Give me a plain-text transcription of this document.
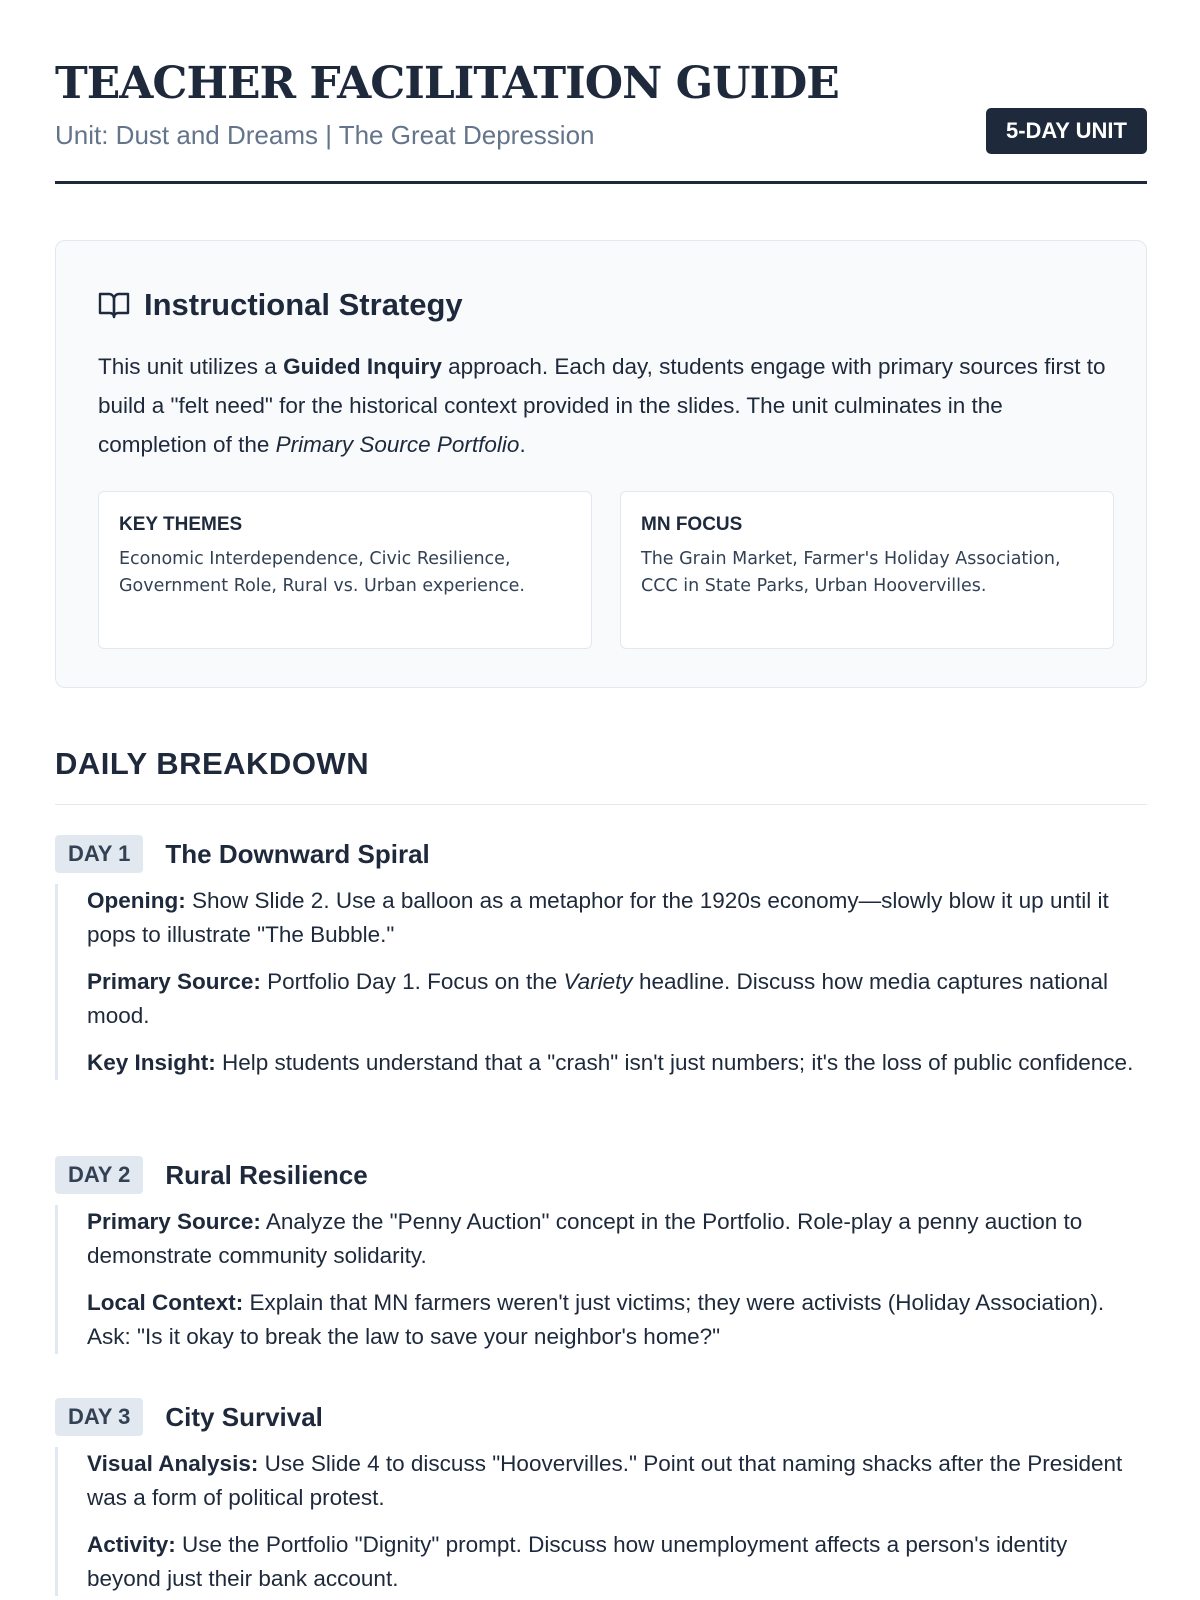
TEACHER FACILITATION GUIDE
Unit: Dust and Dreams | The Great Depression	5-DAY UNIT
Instructional Strategy

This unit utilizes a Guided Inquiry approach. Each day, students engage with primary sources first to build a "felt need" for the historical context provided in the slides. The unit culminates in the completion of the Primary Source Portfolio.

KEY THEMES
Economic Interdependence, Civic Resilience, Government Role, Rural vs. Urban experience.
MN FOCUS
The Grain Market, Farmer's Holiday Association, CCC in State Parks, Urban Hoovervilles.
DAILY BREAKDOWN
DAY 1	The Downward Spiral

Opening: Show Slide 2. Use a balloon as a metaphor for the 1920s economy—slowly blow it up until it pops to illustrate "The Bubble."

Primary Source: Portfolio Day 1. Focus on the Variety headline. Discuss how media captures national mood.

Key Insight: Help students understand that a "crash" isn't just numbers; it's the loss of public confidence.

DAY 2	Rural Resilience

Primary Source: Analyze the "Penny Auction" concept in the Portfolio. Role-play a penny auction to demonstrate community solidarity.

Local Context: Explain that MN farmers weren't just victims; they were activists (Holiday Association). Ask: "Is it okay to break the law to save your neighbor's home?"

DAY 3	City Survival

Visual Analysis: Use Slide 4 to discuss "Hoovervilles." Point out that naming shacks after the President was a form of political protest.

Activity: Use the Portfolio "Dignity" prompt. Discuss how unemployment affects a person's identity beyond just their bank account.
